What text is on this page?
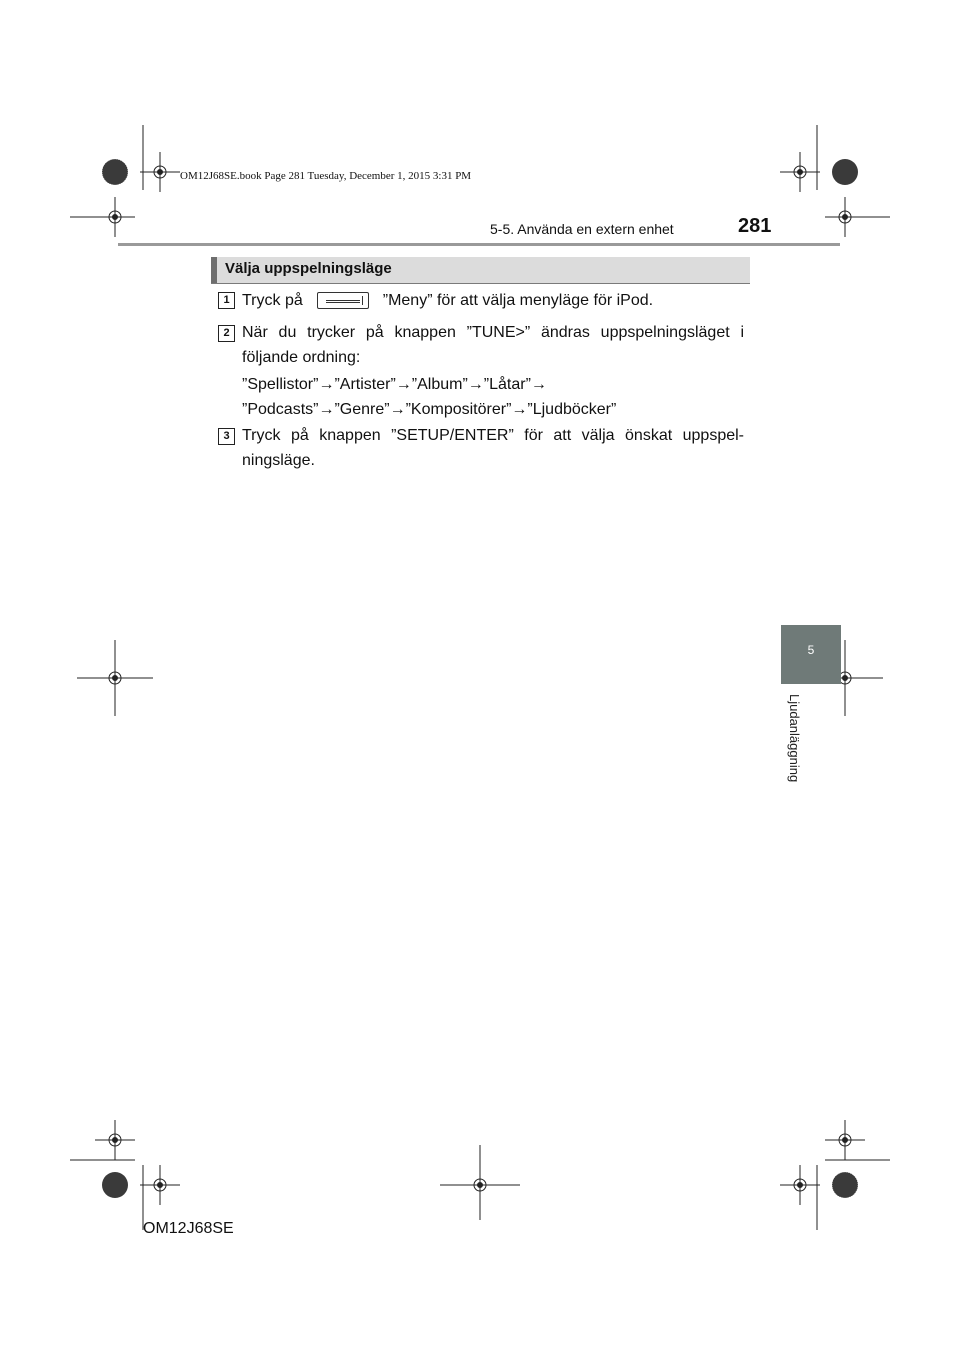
OM12J68SE.book Page 281 Tuesday, December 1, 2015 3:31 PM
5-5. Använda en extern enhet	281
Välja uppspelningsläge
1 Tryck på	”Meny” för att välja menyläge för iPod.
2 När du trycker på knappen ”TUNE>” ändras uppspelningsläget i följande ordning:
”Spellistor”→”Artister”→”Album”→”Låtar”→
”Podcasts”→”Genre”→”Kompositörer”→”Ljudböcker”
3 Tryck på knappen ”SETUP/ENTER” för att välja önskat uppspel-ningsläge.
5
Ljudanläggning
OM12J68SE
